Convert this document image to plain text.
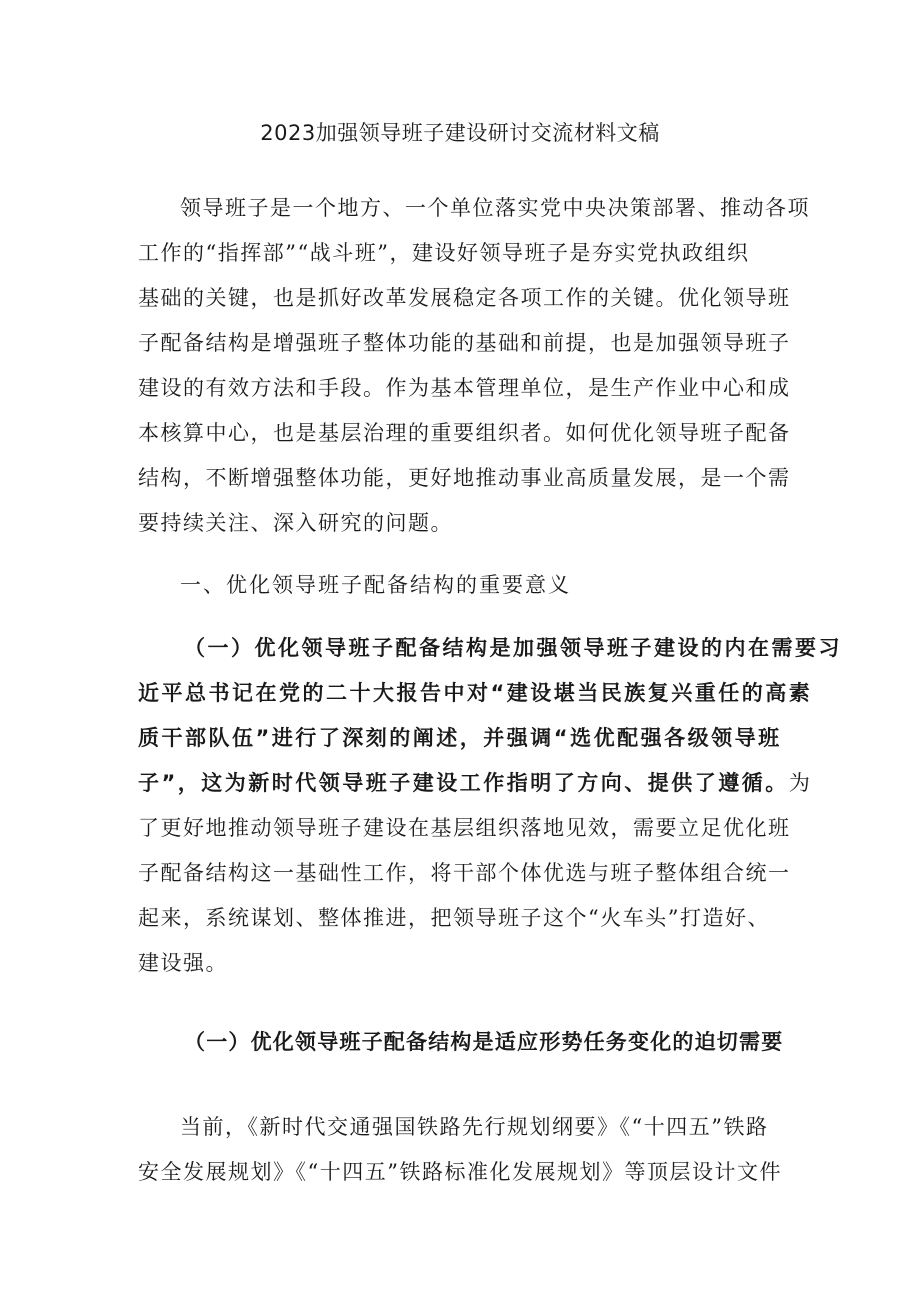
2023加强领导班子建设研讨交流材料文稿
领导班子是一个地方、一个单位落实党中央决策部署、推动各项
工作的“指挥部”“战斗班”，建设好领导班子是夯实党执政组织
基础的关键，也是抓好改革发展稳定各项工作的关键。优化领导班
子配备结构是增强班子整体功能的基础和前提，也是加强领导班子
建设的有效方法和手段。作为基本管理单位，是生产作业中心和成
本核算中心，也是基层治理的重要组织者。如何优化领导班子配备
结构，不断增强整体功能，更好地推动事业高质量发展，是一个需
要持续关注、深入研究的问题。
一、优化领导班子配备结构的重要意义
（一）优化领导班子配备结构是加强领导班子建设的内在需要习
近平总书记在党的二十大报告中对“建设堪当民族复兴重任的高素
质干部队伍”进行了深刻的阐述，并强调“选优配强各级领导班
子”，这为新时代领导班子建设工作指明了方向、提供了遵循。为
了更好地推动领导班子建设在基层组织落地见效，需要立足优化班
子配备结构这一基础性工作，将干部个体优选与班子整体组合统一
起来，系统谋划、整体推进，把领导班子这个“火车头”打造好、
建设强。
（一）优化领导班子配备结构是适应形势任务变化的迫切需要
当前，《新时代交通强国铁路先行规划纲要》《“十四五”铁路
安全发展规划》《“十四五”铁路标准化发展规划》等顶层设计文件
